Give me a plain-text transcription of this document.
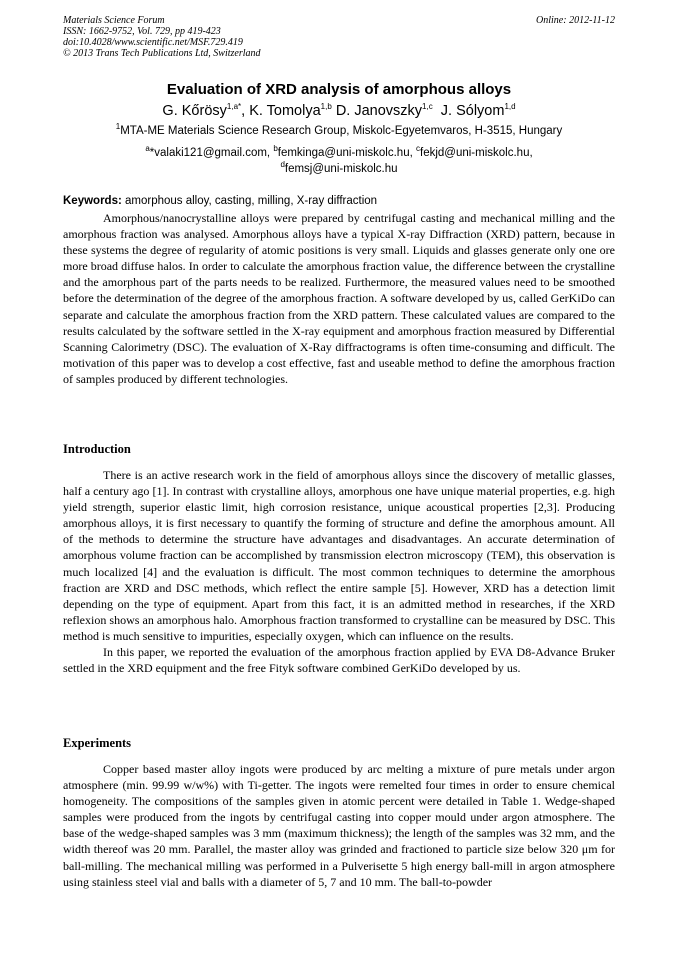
Materials Science Forum
ISSN: 1662-9752, Vol. 729, pp 419-423
doi:10.4028/www.scientific.net/MSF.729.419
© 2013 Trans Tech Publications Ltd, Switzerland
Online: 2012-11-12
Evaluation of XRD analysis of amorphous alloys
G. Kőrösy$^{1,a*}$, K. Tomolya$^{1,b}$ D. Janovszky$^{1,c}$ J. Sólyom$^{1,d}$
$^1$MTA-ME Materials Science Research Group, Miskolc-Egyetemvaros, H-3515, Hungary
$^a$*valaki121@gmail.com, $^b$femkinga@uni-miskolc.hu, $^c$fekjd@uni-miskolc.hu,
$^d$femsj@uni-miskolc.hu
Keywords: amorphous alloy, casting, milling, X-ray diffraction

Amorphous/nanocrystalline alloys were prepared by centrifugal casting and mechanical milling and the amorphous fraction was analysed. Amorphous alloys have a typical X-ray Diffraction (XRD) pattern, because in these systems the degree of regularity of atomic positions is very small. Liquids and glasses generate only one ore more broad diffuse halos. In order to calculate the amorphous fraction value, the difference between the crystalline and the amorphous part of the parts needs to be realized. Furthermore, the measured values need to be smoothed before the determination of the degree of the amorphous fraction. A software developed by us, called GerKiDo can separate and calculate the amorphous fraction from the XRD pattern. These calculated values are compared to the results calculated by the software settled in the X-ray equipment and amorphous fraction measured by Differential Scanning Calorimetry (DSC). The evaluation of X-Ray diffractograms is often time-consuming and difficult. The motivation of this paper was to develop a cost effective, fast and useable method to define the amorphous fraction of samples produced by different technologies.

Introduction

There is an active research work in the field of amorphous alloys since the discovery of metallic glasses, half a century ago [1]. In contrast with crystalline alloys, amorphous one have unique material properties, e.g. high yield strength, superior elastic limit, high corrosion resistance, unique acoustical properties [2,3]. Producing amorphous alloys, it is first necessary to quantify the forming of structure and define the amorphous amount. All of the methods to determine the structure have advantages and disadvantages. An accurate determination of amorphous volume fraction can be accomplished by transmission electron microscopy (TEM), this observation is much localized [4] and the evaluation is difficult. The most common techniques to determine the amorphous fraction are XRD and DSC methods, which reflect the entire sample [5]. However, XRD has a detection limit depending on the type of equipment. Apart from this fact, it is an admitted method in researches, if the XRD reflexion shows an amorphous halo. Amorphous fraction transformed to crystalline can be measured by DSC. This method is much sensitive to impurities, especially oxygen, which can influence on the results.

In this paper, we reported the evaluation of the amorphous fraction applied by EVA D8-Advance Bruker settled in the XRD equipment and the free Fityk software combined GerKiDo developed by us.

Experiments

Copper based master alloy ingots were produced by arc melting a mixture of pure metals under argon atmosphere (min. 99.99 w/w%) with Ti-getter. The ingots were remelted four times in order to ensure chemical homogeneity. The compositions of the samples given in atomic percent were detailed in Table 1. Wedge-shaped samples were produced from the ingots by centrifugal casting into copper mould under argon atmosphere. The base of the wedge-shaped samples was 3 mm (maximum thickness); the length of the samples was 32 mm, and the width thereof was 20 mm. Parallel, the master alloy was grinded and fractioned to particle size below 320 μm for ball-milling. The mechanical milling was performed in a Pulverisette 5 high energy ball-mill in argon atmosphere using stainless steel vial and balls with a diameter of 5, 7 and 10 mm. The ball-to-powder
